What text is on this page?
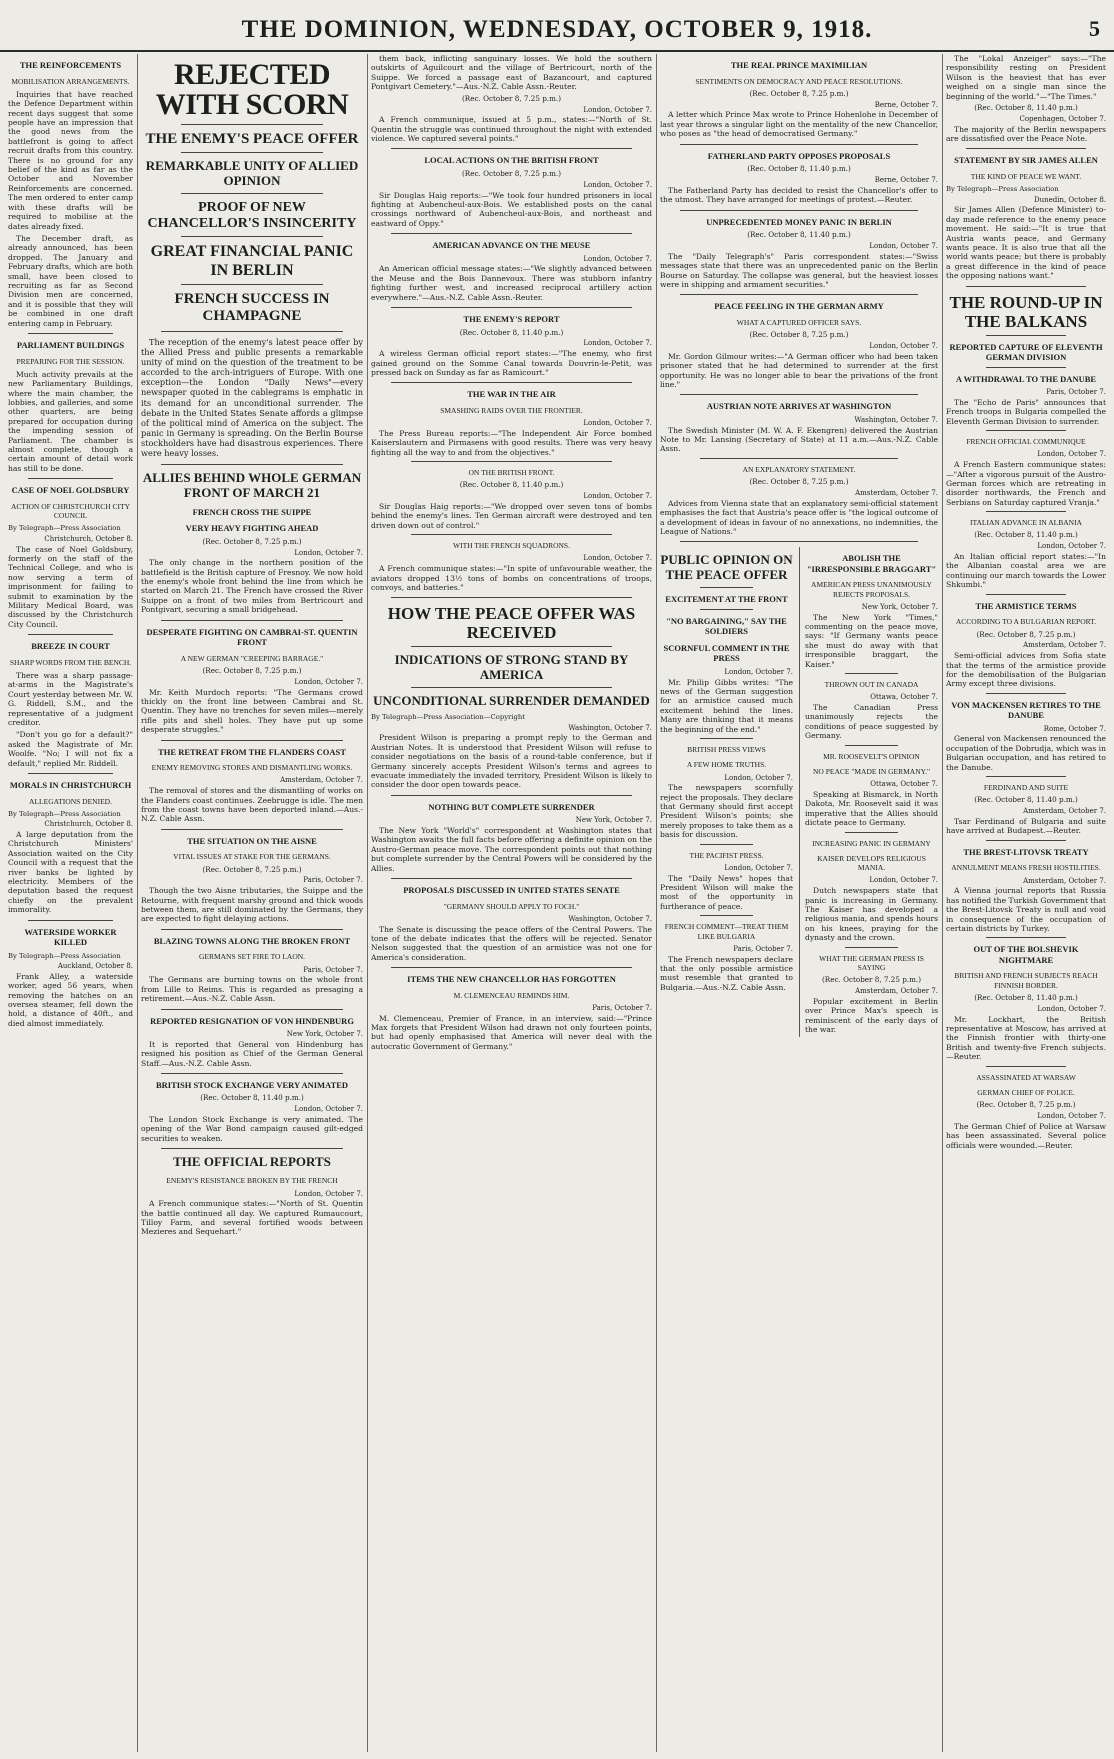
THE DOMINION, WEDNESDAY, OCTOBER 9, 1918.	5
THE REINFORCEMENTS
MOBILISATION ARRANGEMENTS.

Inquiries that have reached the Defence Department within recent days suggest that some people have an impression that the good news from the battlefront is going to affect recruit drafts from this country. There is no ground for any belief of the kind as far as the October and November Reinforcements are concerned. The men ordered to enter camp with these drafts will be required to mobilise at the dates already fixed.

The December draft, as already announced, has been dropped. The January and February drafts, which are both small, have been closed to recruiting as far as Second Division men are concerned, and it is possible that they will be combined in one draft entering camp in February.

PARLIAMENT BUILDINGS
PREPARING FOR THE SESSION.

Much activity prevails at the new Parliamentary Buildings, where the main chamber, the lobbies, and galleries, and some other quarters, are being prepared for occupation during the impending session of Parliament. The chamber is almost complete, though a certain amount of detail work has still to be done.

CASE OF NOEL GOLDSBURY
ACTION OF CHRISTCHURCH CITY COUNCIL
By Telegraph—Press Association
Christchurch, October 8.

The case of Noel Goldsbury, formerly on the staff of the Technical College, and who is now serving a term of imprisonment for failing to submit to examination by the Military Medical Board, was discussed by the Christchurch City Council.

BREEZE IN COURT
SHARP WORDS FROM THE BENCH.

There was a sharp passage-at-arms in the Magistrate's Court yesterday between Mr. W. G. Riddell, S.M., and the representative of a judgment creditor.

"Don't you go for a default?" asked the Magistrate of Mr. Woolfe. "No; I will not fix a default," replied Mr. Riddell.

MORALS IN CHRISTCHURCH
ALLEGATIONS DENIED.
By Telegraph—Press Association
Christchurch, October 8.

A large deputation from the Christchurch Ministers' Association waited on the City Council with a request that the river banks be lighted by electricity. Members of the deputation based the request chiefly on the prevalent immorality.

WATERSIDE WORKER KILLED
By Telegraph—Press Association
Auckland, October 8.

Frank Alley, a waterside worker, aged 56 years, when removing the hatches on an oversea steamer, fell down the hold, a distance of 40ft., and died almost immediately.

REJECTED WITH SCORN
THE ENEMY'S PEACE OFFER
REMARKABLE UNITY OF ALLIED OPINION
PROOF OF NEW CHANCELLOR'S INSINCERITY
GREAT FINANCIAL PANIC IN BERLIN
FRENCH SUCCESS IN CHAMPAGNE

The reception of the enemy's latest peace offer by the Allied Press and public presents a remarkable unity of mind on the question of the treatment to be accorded to the arch-intriguers of Europe. With one exception—the London "Daily News"—every newspaper quoted in the cablegrams is emphatic in its demand for an unconditional surrender. The debate in the United States Senate affords a glimpse of the political mind of America on the subject. The panic in Germany is spreading. On the Berlin Bourse stockholders have had disastrous experiences. There were heavy losses.

ALLIES BEHIND WHOLE GERMAN FRONT OF MARCH 21
FRENCH CROSS THE SUIPPE
VERY HEAVY FIGHTING AHEAD
(Rec. October 8, 7.25 p.m.)
London, October 7.

The only change in the northern position of the battlefield is the British capture of Fresnoy. We now hold the enemy's whole front behind the line from which he started on March 21. The French have crossed the River Suippe on a front of two miles from Bertricourt and Pontgivart, securing a small bridgehead.

DESPERATE FIGHTING ON CAMBRAI-ST. QUENTIN FRONT
A NEW GERMAN "CREEPING BARRAGE."
(Rec. October 8, 7.25 p.m.)
London, October 7.

Mr. Keith Murdoch reports: "The Germans crowd thickly on the front line between Cambrai and St. Quentin. They have no trenches for seven miles—merely rifle pits and shell holes. They have put up some desperate struggles."

THE RETREAT FROM THE FLANDERS COAST
ENEMY REMOVING STORES AND DISMANTLING WORKS.
Amsterdam, October 7.

The removal of stores and the dismantling of works on the Flanders coast continues. Zeebrugge is idle. The men from the coast towns have been deported inland.—Aus.-N.Z. Cable Assn.

THE SITUATION ON THE AISNE
VITAL ISSUES AT STAKE FOR THE GERMANS.
(Rec. October 8, 7.25 p.m.)
Paris, October 7.

Though the two Aisne tributaries, the Suippe and the Retourne, with frequent marshy ground and thick woods between them, are still dominated by the Germans, they are expected to fight delaying actions.

BLAZING TOWNS ALONG THE BROKEN FRONT
GERMANS SET FIRE TO LAON.
Paris, October 7.

The Germans are burning towns on the whole front from Lille to Reims. This is regarded as presaging a retirement.—Aus.-N.Z. Cable Assn.

REPORTED RESIGNATION OF VON HINDENBURG
New York, October 7.

It is reported that General von Hindenburg has resigned his position as Chief of the German General Staff.—Aus.-N.Z. Cable Assn.

BRITISH STOCK EXCHANGE VERY ANIMATED
(Rec. October 8, 11.40 p.m.)
London, October 7.

The London Stock Exchange is very animated. The opening of the War Bond campaign caused gilt-edged securities to weaken.

THE OFFICIAL REPORTS
ENEMY'S RESISTANCE BROKEN BY THE FRENCH
London, October 7.

A French communique states:—"North of St. Quentin the battle continued all day. We captured Rumaucourt, Tilloy Farm, and several fortified woods between Mezieres and Sequehart."

them back, inflicting sanguinary losses. We hold the southern outskirts of Aguilcourt and the village of Bertricourt, north of the Suippe. We forced a passage east of Bazancourt, and captured Pontgivart Cemetery."—Aus.-N.Z. Cable Assn.-Reuter.

(Rec. October 8, 7.25 p.m.)
London, October 7.

A French communique, issued at 5 p.m., states:—"North of St. Quentin the struggle was continued throughout the night with extended violence. We captured several points."

LOCAL ACTIONS ON THE BRITISH FRONT
(Rec. October 8, 7.25 p.m.)
London, October 7.

Sir Douglas Haig reports:—"We took four hundred prisoners in local fighting at Aubencheul-aux-Bois. We established posts on the canal crossings northward of Aubencheul-aux-Bois, and northeast and eastward of Oppy."

AMERICAN ADVANCE ON THE MEUSE
London, October 7.

An American official message states:—"We slightly advanced between the Meuse and the Bois Dannevoux. There was stubborn infantry fighting further west, and increased reciprocal artillery action everywhere."—Aus.-N.Z. Cable Assn.-Reuter.

THE ENEMY'S REPORT
(Rec. October 8, 11.40 p.m.)
London, October 7.

A wireless German official report states:—"The enemy, who first gained ground on the Somme Canal towards Douvrin-le-Petit, was pressed back on Sunday as far as Ramicourt."

THE WAR IN THE AIR
SMASHING RAIDS OVER THE FRONTIER.
London, October 7.

The Press Bureau reports:—"The Independent Air Force bombed Kaiserslautern and Pirmasens with good results. There was very heavy fighting all the way to and from the objectives."

ON THE BRITISH FRONT.
(Rec. October 8, 11.40 p.m.)
London, October 7.

Sir Douglas Haig reports:—"We dropped over seven tons of bombs behind the enemy's lines. Ten German aircraft were destroyed and ten driven down out of control."

WITH THE FRENCH SQUADRONS.
London, October 7.

A French communique states:—"In spite of unfavourable weather, the aviators dropped 13½ tons of bombs on concentrations of troops, convoys, and batteries."

HOW THE PEACE OFFER WAS RECEIVED
INDICATIONS OF STRONG STAND BY AMERICA
UNCONDITIONAL SURRENDER DEMANDED
By Telegraph—Press Association—Copyright
Washington, October 7.

President Wilson is preparing a prompt reply to the German and Austrian Notes. It is understood that President Wilson will refuse to consider negotiations on the basis of a round-table conference, but if Germany sincerely accepts President Wilson's terms and agrees to evacuate immediately the invaded territory, President Wilson is likely to consider the door open towards peace.

NOTHING BUT COMPLETE SURRENDER
New York, October 7.

The New York "World's" correspondent at Washington states that Washington awaits the full facts before offering a definite opinion on the Austro-German peace move. The correspondent points out that nothing but complete surrender by the Central Powers will be considered by the Allies.

PROPOSALS DISCUSSED IN UNITED STATES SENATE
"GERMANY SHOULD APPLY TO FOCH."
Washington, October 7.

The Senate is discussing the peace offers of the Central Powers. The tone of the debate indicates that the offers will be rejected. Senator Nelson suggested that the question of an armistice was not one for America's consideration.

ITEMS THE NEW CHANCELLOR HAS FORGOTTEN
M. CLEMENCEAU REMINDS HIM.
Paris, October 7.

M. Clemenceau, Premier of France, in an interview, said:—"Prince Max forgets that President Wilson had drawn not only fourteen points, but had openly emphasised that America will never deal with the autocratic Government of Germany."

THE REAL PRINCE MAXIMILIAN
SENTIMENTS ON DEMOCRACY AND PEACE RESOLUTIONS.
(Rec. October 8, 7.25 p.m.)
Berne, October 7.

A letter which Prince Max wrote to Prince Hohenlohe in December of last year throws a singular light on the mentality of the new Chancellor, who poses as "the head of democratised Germany."

FATHERLAND PARTY OPPOSES PROPOSALS
(Rec. October 8, 11.40 p.m.)
Berne, October 7.

The Fatherland Party has decided to resist the Chancellor's offer to the utmost. They have arranged for meetings of protest.—Reuter.

UNPRECEDENTED MONEY PANIC IN BERLIN
(Rec. October 8, 11.40 p.m.)
London, October 7.

The "Daily Telegraph's" Paris correspondent states:—"Swiss messages state that there was an unprecedented panic on the Berlin Bourse on Saturday. The collapse was general, but the heaviest losses were in shipping and armament securities."

PEACE FEELING IN THE GERMAN ARMY
WHAT A CAPTURED OFFICER SAYS.
(Rec. October 8, 7.25 p.m.)
London, October 7.

Mr. Gordon Gilmour writes:—"A German officer who had been taken prisoner stated that he had determined to surrender at the first opportunity. He was no longer able to bear the privations of the front line."

AUSTRIAN NOTE ARRIVES AT WASHINGTON
Washington, October 7.

The Swedish Minister (M. W. A. F. Ekengren) delivered the Austrian Note to Mr. Lansing (Secretary of State) at 11 a.m.—Aus.-N.Z. Cable Assn.

AN EXPLANATORY STATEMENT.
(Rec. October 8, 7.25 p.m.)
Amsterdam, October 7.

Advices from Vienna state that an explanatory semi-official statement emphasises the fact that Austria's peace offer is "the logical outcome of a development of ideas in favour of no annexations, no indemnities, the League of Nations."

PUBLIC OPINION ON THE PEACE OFFER
EXCITEMENT AT THE FRONT
"NO BARGAINING," SAY THE SOLDIERS
SCORNFUL COMMENT IN THE PRESS
London, October 7.

Mr. Philip Gibbs writes: "The news of the German suggestion for an armistice caused much excitement behind the lines. Many are thinking that it means the beginning of the end."

BRITISH PRESS VIEWS
A FEW HOME TRUTHS.
London, October 7.

The newspapers scornfully reject the proposals. They declare that Germany should first accept President Wilson's points; she merely proposes to take them as a basis for discussion.

THE PACIFIST PRESS.
London, October 7.

The "Daily News" hopes that President Wilson will make the most of the opportunity in furtherance of peace.

FRENCH COMMENT—TREAT THEM LIKE BULGARIA
Paris, October 7.

The French newspapers declare that the only possible armistice must resemble that granted to Bulgaria.—Aus.-N.Z. Cable Assn.

ABOLISH THE "IRRESPONSIBLE BRAGGART"
AMERICAN PRESS UNANIMOUSLY REJECTS PROPOSALS.
New York, October 7.

The New York "Times," commenting on the peace move, says: "If Germany wants peace she must do away with that irresponsible braggart, the Kaiser."

THROWN OUT IN CANADA
Ottawa, October 7.

The Canadian Press unanimously rejects the conditions of peace suggested by Germany.

MR. ROOSEVELT'S OPINION
NO PEACE "MADE IN GERMANY."
Ottawa, October 7.

Speaking at Bismarck, in North Dakota, Mr. Roosevelt said it was imperative that the Allies should dictate peace to Germany.

INCREASING PANIC IN GERMANY
KAISER DEVELOPS RELIGIOUS MANIA.
London, October 7.

Dutch newspapers state that panic is increasing in Germany. The Kaiser has developed a religious mania, and spends hours on his knees, praying for the dynasty and the crown.

WHAT THE GERMAN PRESS IS SAYING
(Rec. October 8, 7.25 p.m.)
Amsterdam, October 7.

Popular excitement in Berlin over Prince Max's speech is reminiscent of the early days of the war.

The "Lokal Anzeiger" says:—"The responsibility resting on President Wilson is the heaviest that has ever weighed on a single man since the beginning of the world."—"The Times."

(Rec. October 8, 11.40 p.m.)
Copenhagen, October 7.

The majority of the Berlin newspapers are dissatisfied over the Peace Note.

STATEMENT BY SIR JAMES ALLEN
THE KIND OF PEACE WE WANT.
By Telegraph—Press Association
Dunedin, October 8.

Sir James Allen (Defence Minister) to-day made reference to the enemy peace movement. He said:—"It is true that Austria wants peace, and Germany wants peace. It is also true that all the world wants peace; but there is probably a great difference in the kind of peace the opposing nations want."

THE ROUND-UP IN THE BALKANS
REPORTED CAPTURE OF ELEVENTH GERMAN DIVISION
A WITHDRAWAL TO THE DANUBE
Paris, October 7.

The "Echo de Paris" announces that French troops in Bulgaria compelled the Eleventh German Division to surrender.

FRENCH OFFICIAL COMMUNIQUE
London, October 7.

A French Eastern communique states:—"After a vigorous pursuit of the Austro-German forces which are retreating in disorder northwards, the French and Serbians on Saturday captured Vranja."

ITALIAN ADVANCE IN ALBANIA
(Rec. October 8, 11.40 p.m.)
London, October 7.

An Italian official report states:—"In the Albanian coastal area we are continuing our march towards the Lower Shkumbi."

THE ARMISTICE TERMS
ACCORDING TO A BULGARIAN REPORT.
(Rec. October 8, 7.25 p.m.)
Amsterdam, October 7.

Semi-official advices from Sofia state that the terms of the armistice provide for the demobilisation of the Bulgarian Army except three divisions.

VON MACKENSEN RETIRES TO THE DANUBE
Rome, October 7.

General von Mackensen renounced the occupation of the Dobrudja, which was in Bulgarian occupation, and has retired to the Danube.

FERDINAND AND SUITE
(Rec. October 8, 11.40 p.m.)
Amsterdam, October 7.

Tsar Ferdinand of Bulgaria and suite have arrived at Budapest.—Reuter.

THE BREST-LITOVSK TREATY
ANNULMENT MEANS FRESH HOSTILITIES.
Amsterdam, October 7.

A Vienna journal reports that Russia has notified the Turkish Government that the Brest-Litovsk Treaty is null and void in consequence of the occupation of certain districts by Turkey.

OUT OF THE BOLSHEVIK NIGHTMARE
BRITISH AND FRENCH SUBJECTS REACH FINNISH BORDER.
(Rec. October 8, 11.40 p.m.)
London, October 7.

Mr. Lockhart, the British representative at Moscow, has arrived at the Finnish frontier with thirty-one British and twenty-five French subjects.—Reuter.

ASSASSINATED AT WARSAW
GERMAN CHIEF OF POLICE.
(Rec. October 8, 7.25 p.m.)
London, October 7.

The German Chief of Police at Warsaw has been assassinated. Several police officials were wounded.—Reuter.
